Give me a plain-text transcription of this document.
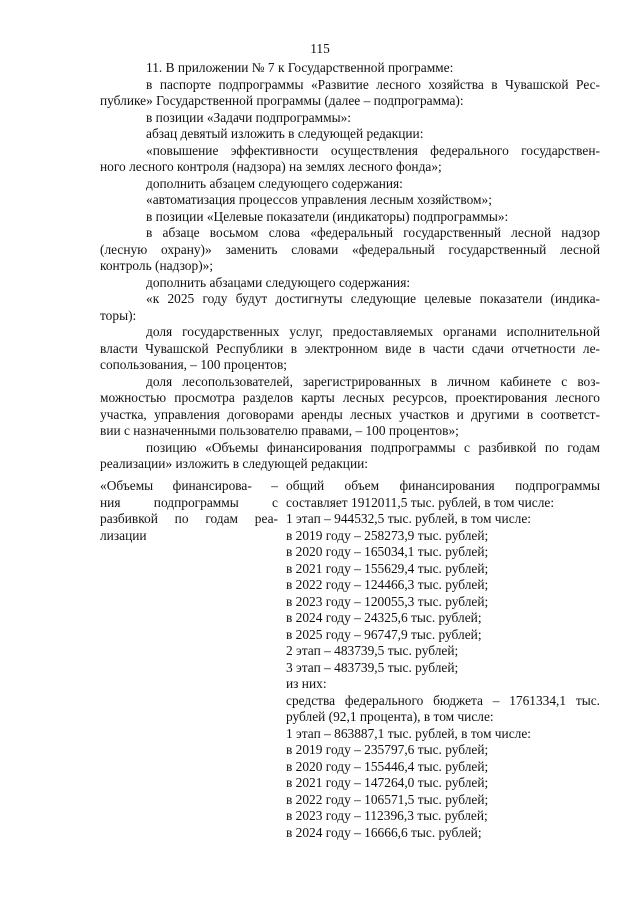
115
11. В приложении № 7 к Государственной программе:
в паспорте подпрограммы «Развитие лесного хозяйства в Чувашской Рес-
публике» Государственной программы (далее – подпрограмма):
в позиции «Задачи подпрограммы»:
абзац девятый изложить в следующей редакции:
«повышение эффективности осуществления федерального государствен-
ного лесного контроля (надзора) на землях лесного фонда»;
дополнить абзацем следующего содержания:
«автоматизация процессов управления лесным хозяйством»;
в позиции «Целевые показатели (индикаторы) подпрограммы»:
в абзаце восьмом слова «федеральный государственный лесной надзор
(лесную охрану)» заменить словами «федеральный государственный лесной
контроль (надзор)»;
дополнить абзацами следующего содержания:
«к 2025 году будут достигнуты следующие целевые показатели (индика-
торы):
доля государственных услуг, предоставляемых органами исполнительной
власти Чувашской Республики в электронном виде в части сдачи отчетности ле-
сопользования, – 100 процентов;
доля лесопользователей, зарегистрированных в личном кабинете с воз-
можностью просмотра разделов карты лесных ресурсов, проектирования лесного
участка, управления договорами аренды лесных участков и другими в соответст-
вии с назначенными пользователю правами, – 100 процентов»;
позицию «Объемы финансирования подпрограммы с разбивкой по годам
реализации» изложить в следующей редакции:
«Объемы финансирова- –
ния подпрограммы с
разбивкой по годам реа-
лизации
общий объем финансирования подпрограммы
составляет 1912011,5 тыс. рублей, в том числе:
1 этап – 944532,5 тыс. рублей, в том числе:
в 2019 году – 258273,9 тыс. рублей;
в 2020 году – 165034,1 тыс. рублей;
в 2021 году – 155629,4 тыс. рублей;
в 2022 году – 124466,3 тыс. рублей;
в 2023 году – 120055,3 тыс. рублей;
в 2024 году – 24325,6 тыс. рублей;
в 2025 году – 96747,9 тыс. рублей;
2 этап – 483739,5 тыс. рублей;
3 этап – 483739,5 тыс. рублей;
из них:
средства федерального бюджета – 1761334,1 тыс.
рублей (92,1 процента), в том числе:
1 этап – 863887,1 тыс. рублей, в том числе:
в 2019 году – 235797,6 тыс. рублей;
в 2020 году – 155446,4 тыс. рублей;
в 2021 году – 147264,0 тыс. рублей;
в 2022 году – 106571,5 тыс. рублей;
в 2023 году – 112396,3 тыс. рублей;
в 2024 году – 16666,6 тыс. рублей;
